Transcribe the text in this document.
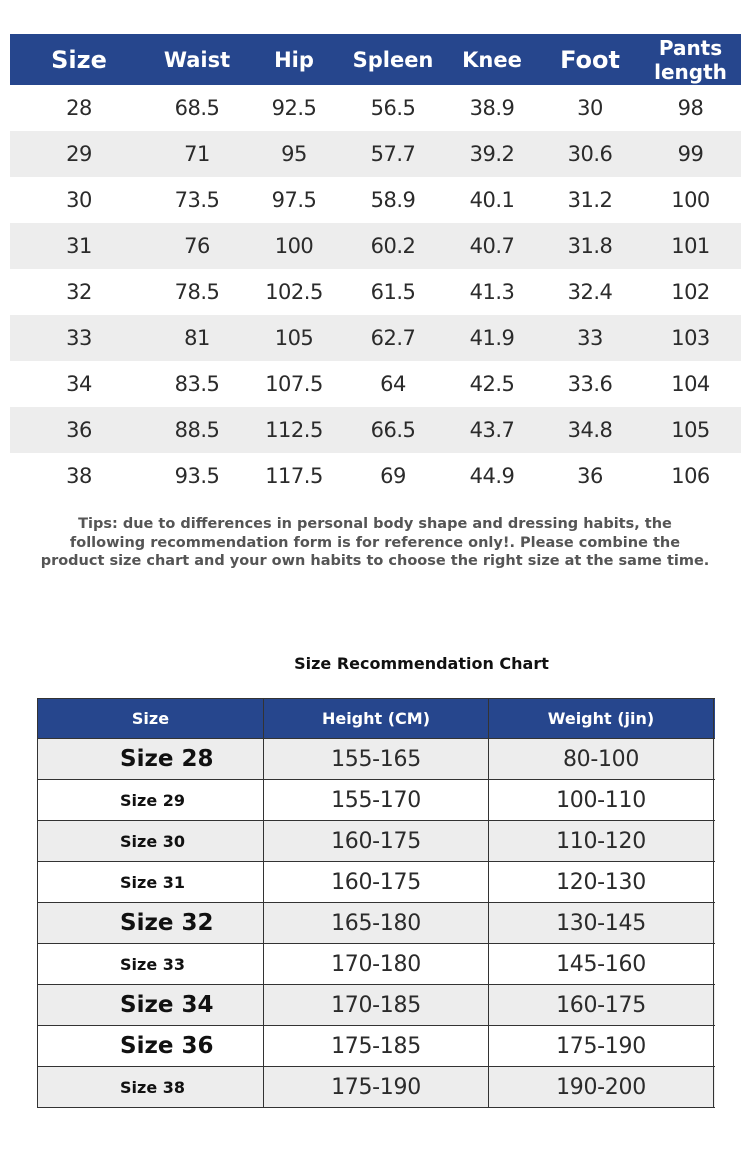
Size	Waist	Hip	Spleen	Knee	Foot	Pants length
28	68.5	92.5	56.5	38.9	30	98
29	71	95	57.7	39.2	30.6	99
30	73.5	97.5	58.9	40.1	31.2	100
31	76	100	60.2	40.7	31.8	101
32	78.5	102.5	61.5	41.3	32.4	102
33	81	105	62.7	41.9	33	103
34	83.5	107.5	64	42.5	33.6	104
36	88.5	112.5	66.5	43.7	34.8	105
38	93.5	117.5	69	44.9	36	106
Tips: due to differences in personal body shape and dressing habits, the following recommendation form is for reference only!. Please combine the product size chart and your own habits to choose the right size at the same time.
Size Recommendation Chart
Size	Height (CM)	Weight (jin)
Size 28	155-165	80-100
Size 29	155-170	100-110
Size 30	160-175	110-120
Size 31	160-175	120-130
Size 32	165-180	130-145
Size 33	170-180	145-160
Size 34	170-185	160-175
Size 36	175-185	175-190
Size 38	175-190	190-200
